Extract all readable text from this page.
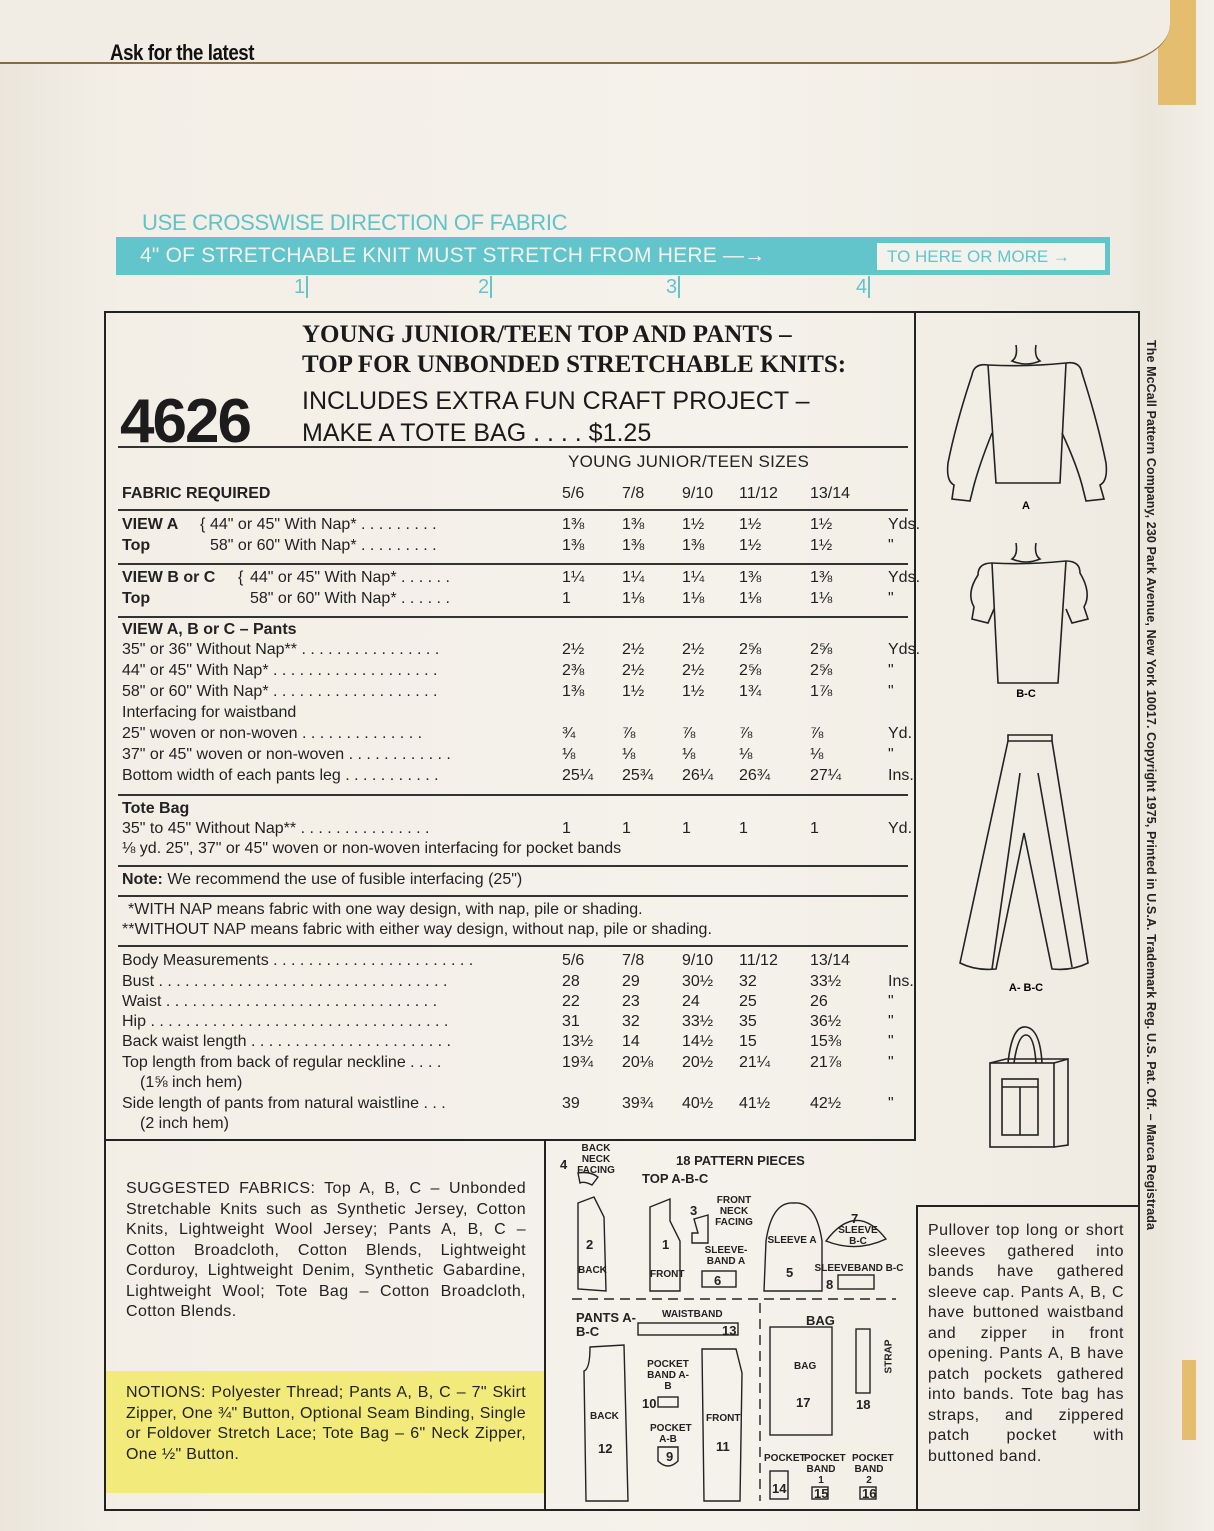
Ask for the latest
USE CROSSWISE DIRECTION OF FABRIC
4" OF STRETCHABLE KNIT MUST STRETCH FROM HERE —→	TO HERE OR MORE →
1	2	3	4
4626
YOUNG JUNIOR/TEEN TOP AND PANTS –
TOP FOR UNBONDED STRETCHABLE KNITS:
INCLUDES EXTRA FUN CRAFT PROJECT –
MAKE A TOTE BAG . . . . $1.25
YOUNG JUNIOR/TEEN SIZES
FABRIC REQUIRED	5/6	7/8	9/10	11/12	13/14
VIEW A { 44" or 45" With Nap* . . . . . . . . .	1⅜	1⅜	1½	1½	1½	Yds.
Top	58" or 60" With Nap* . . . . . . . . .	1⅜	1⅜	1⅜	1½	1½	"
VIEW B or C { 44" or 45" With Nap* . . . . . .	1¼	1¼	1¼	1⅜	1⅜	Yds.
Top	58" or 60" With Nap* . . . . . .	1	1⅛	1⅛	1⅛	1⅛	"
VIEW A, B or C – Pants
35" or 36" Without Nap** . . . . . . . . . . . . . . . .	2½	2½	2½	2⅝	2⅝	Yds.
44" or 45" With Nap* . . . . . . . . . . . . . . . . . . .	2⅜	2½	2½	2⅝	2⅝	"
58" or 60" With Nap* . . . . . . . . . . . . . . . . . . .	1⅜	1½	1½	1¾	1⅞	"
Interfacing for waistband
25" woven or non-woven . . . . . . . . . . . . . .	¾	⅞	⅞	⅞	⅞	Yd.
37" or 45" woven or non-woven . . . . . . . . . . . .	⅛	⅛	⅛	⅛	⅛	"
Bottom width of each pants leg . . . . . . . . . . .	25¼	25¾	26¼	26¾	27¼	Ins.
Tote Bag
35" to 45" Without Nap** . . . . . . . . . . . . . . .	1	1	1	1	1	Yd.
⅛ yd. 25", 37" or 45" woven or non-woven interfacing for pocket bands
Note: We recommend the use of fusible interfacing (25")
*WITH NAP means fabric with one way design, with nap, pile or shading.
**WITHOUT NAP means fabric with either way design, without nap, pile or shading.
Body Measurements . . . . . . . . . . . . . . . . . . . . . . .	5/6	7/8	9/10	11/12	13/14
Bust . . . . . . . . . . . . . . . . . . . . . . . . . . . . . . . . .	28	29	30½	32	33½	Ins.
Waist . . . . . . . . . . . . . . . . . . . . . . . . . . . . . . .	22	23	24	25	26	"
Hip . . . . . . . . . . . . . . . . . . . . . . . . . . . . . . . . . .	31	32	33½	35	36½	"
Back waist length . . . . . . . . . . . . . . . . . . . . . . .	13½	14	14½	15	15⅜	"
Top length from back of regular neckline . . . .	19¾	20⅛	20½	21¼	21⅞	"
(1⅝ inch hem)
Side length of pants from natural waistline . . .	39	39¾	40½	41½	42½	"
(2 inch hem)
A
B-C
A- B-C
SUGGESTED FABRICS: Top A, B, C – Unbonded Stretchable Knits such as Synthetic Jersey, Cotton Knits, Lightweight Wool Jersey; Pants A, B, C – Cotton Broadcloth, Cotton Blends, Lightweight Corduroy, Lightweight Denim, Synthetic Gabardine, Lightweight Wool; Tote Bag – Cotton Broadcloth, Cotton Blends.
NOTIONS: Polyester Thread; Pants A, B, C – 7" Skirt Zipper, One ¾" Button, Optional Seam Binding, Single or Foldover Stretch Lace; Tote Bag – 6" Neck Zipper, One ½" Button.
18 PATTERN PIECES
TOP A-B-C
PANTS A-B-C
BAG
4
BACK NECK FACING
2
BACK
1
FRONT
3
FRONT NECK FACING
SLEEVE A
5
7
SLEEVE B-C
SLEEVE-BAND A
6
SLEEVEBAND B-C
8
WAISTBAND
13
BACK
12
POCKET BAND A-B
10
POCKET A-B
9
FRONT
11
BAG
17
STRAP
18
POCKET
14
POCKET BAND 1
15
POCKET BAND 2
16
Pullover top long or short sleeves gathered into bands have gathered sleeve cap. Pants A, B, C have buttoned waistband and zipper in front opening. Pants A, B have patch pockets gathered into bands. Tote bag has straps, and zippered patch pocket with buttoned band.
The McCall Pattern Company, 230 Park Avenue, New York 10017. Copyright 1975, Printed in U.S.A. Trademark Reg. U.S. Pat. Off. – Marca Registrada
